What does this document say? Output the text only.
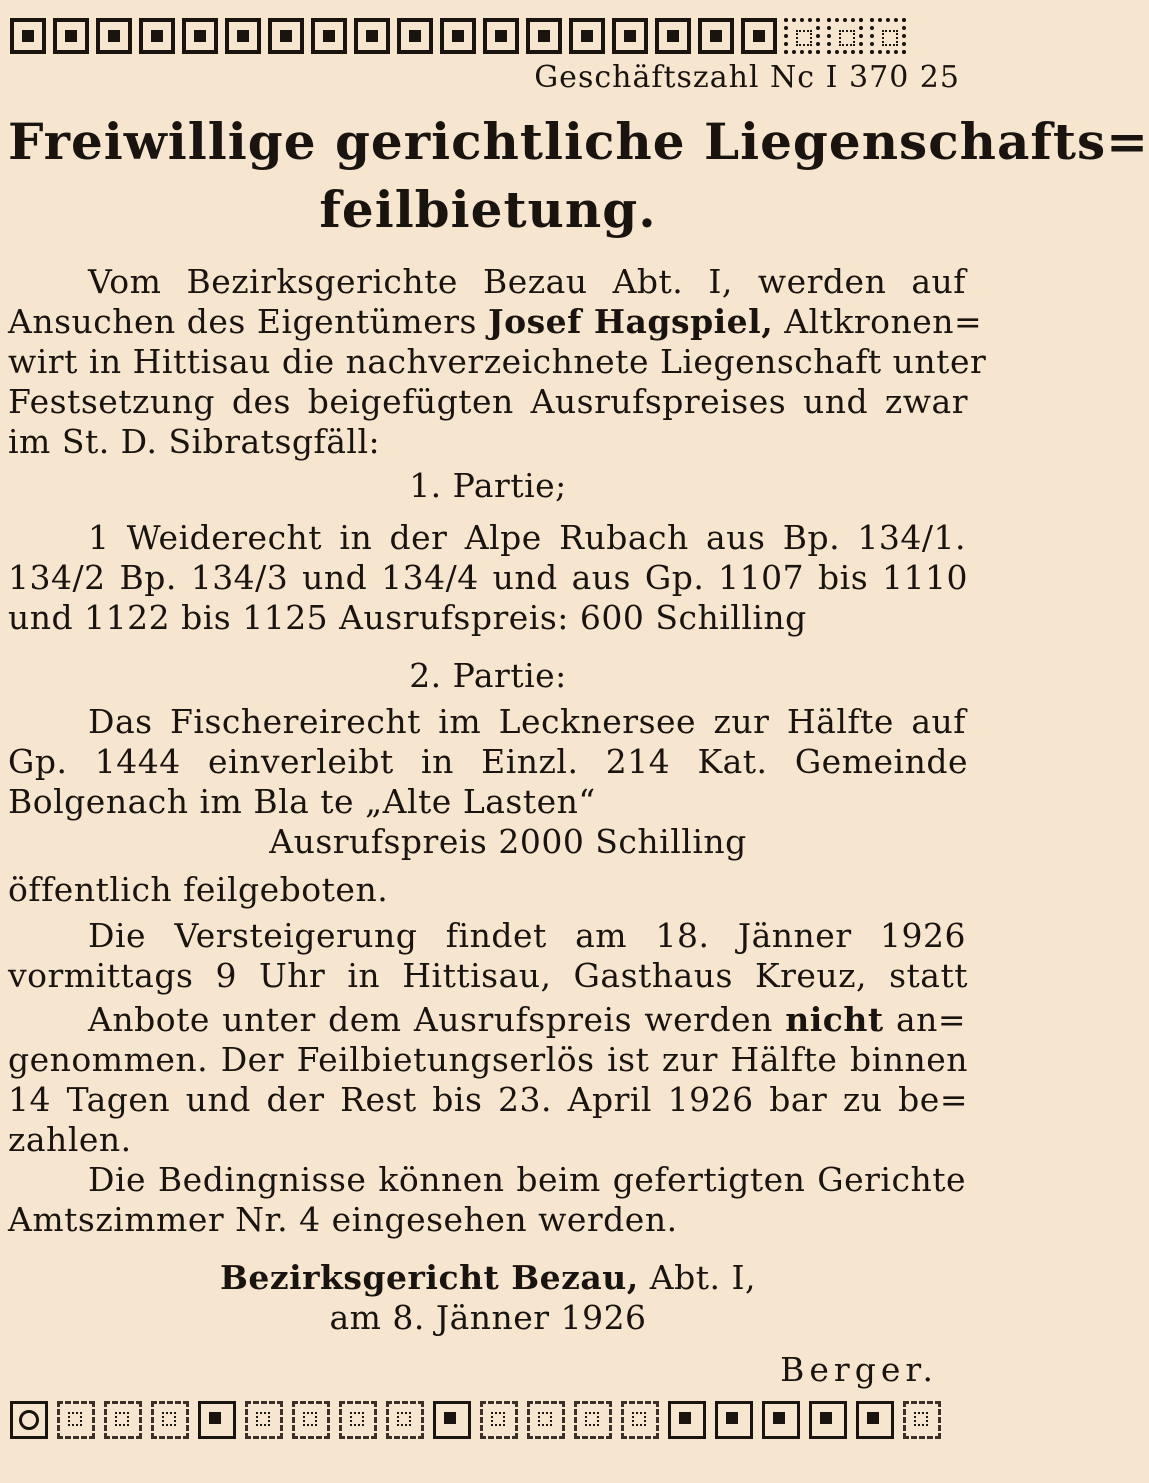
Geschäftszahl Nc I 370 25
Freiwillige gerichtliche Liegenschafts=
feilbietung.
Vom Bezirksgerichte Bezau Abt. I, werden auf
Ansuchen des Eigentümers Josef Hagspiel, Altkronen=
wirt in Hittisau die nachverzeichnete Liegenschaft unter
Festsetzung des beigefügten Ausrufspreises und zwar
im St. D. Sibratsgfäll:
1. Partie;
1 Weiderecht in der Alpe Rubach aus Bp. 134/1.
134/2 Bp. 134/3 und 134/4 und aus Gp. 1107 bis 1110
und 1122 bis 1125 Ausrufspreis: 600 Schilling
2. Partie:
Das Fischereirecht im Lecknersee zur Hälfte auf
Gp. 1444 einverleibt in Einzl. 214 Kat. Gemeinde
Bolgenach im Bla te „Alte Lasten“
Ausrufspreis 2000 Schilling
öffentlich feilgeboten.
Die Versteigerung findet am 18. Jänner 1926
vormittags 9 Uhr in Hittisau, Gasthaus Kreuz, statt
Anbote unter dem Ausrufspreis werden nicht an=
genommen. Der Feilbietungserlös ist zur Hälfte binnen
14 Tagen und der Rest bis 23. April 1926 bar zu be=
zahlen.
Die Bedingnisse können beim gefertigten Gerichte
Amtszimmer Nr. 4 eingesehen werden.
Bezirksgericht Bezau, Abt. I,
am 8. Jänner 1926
Berger.
